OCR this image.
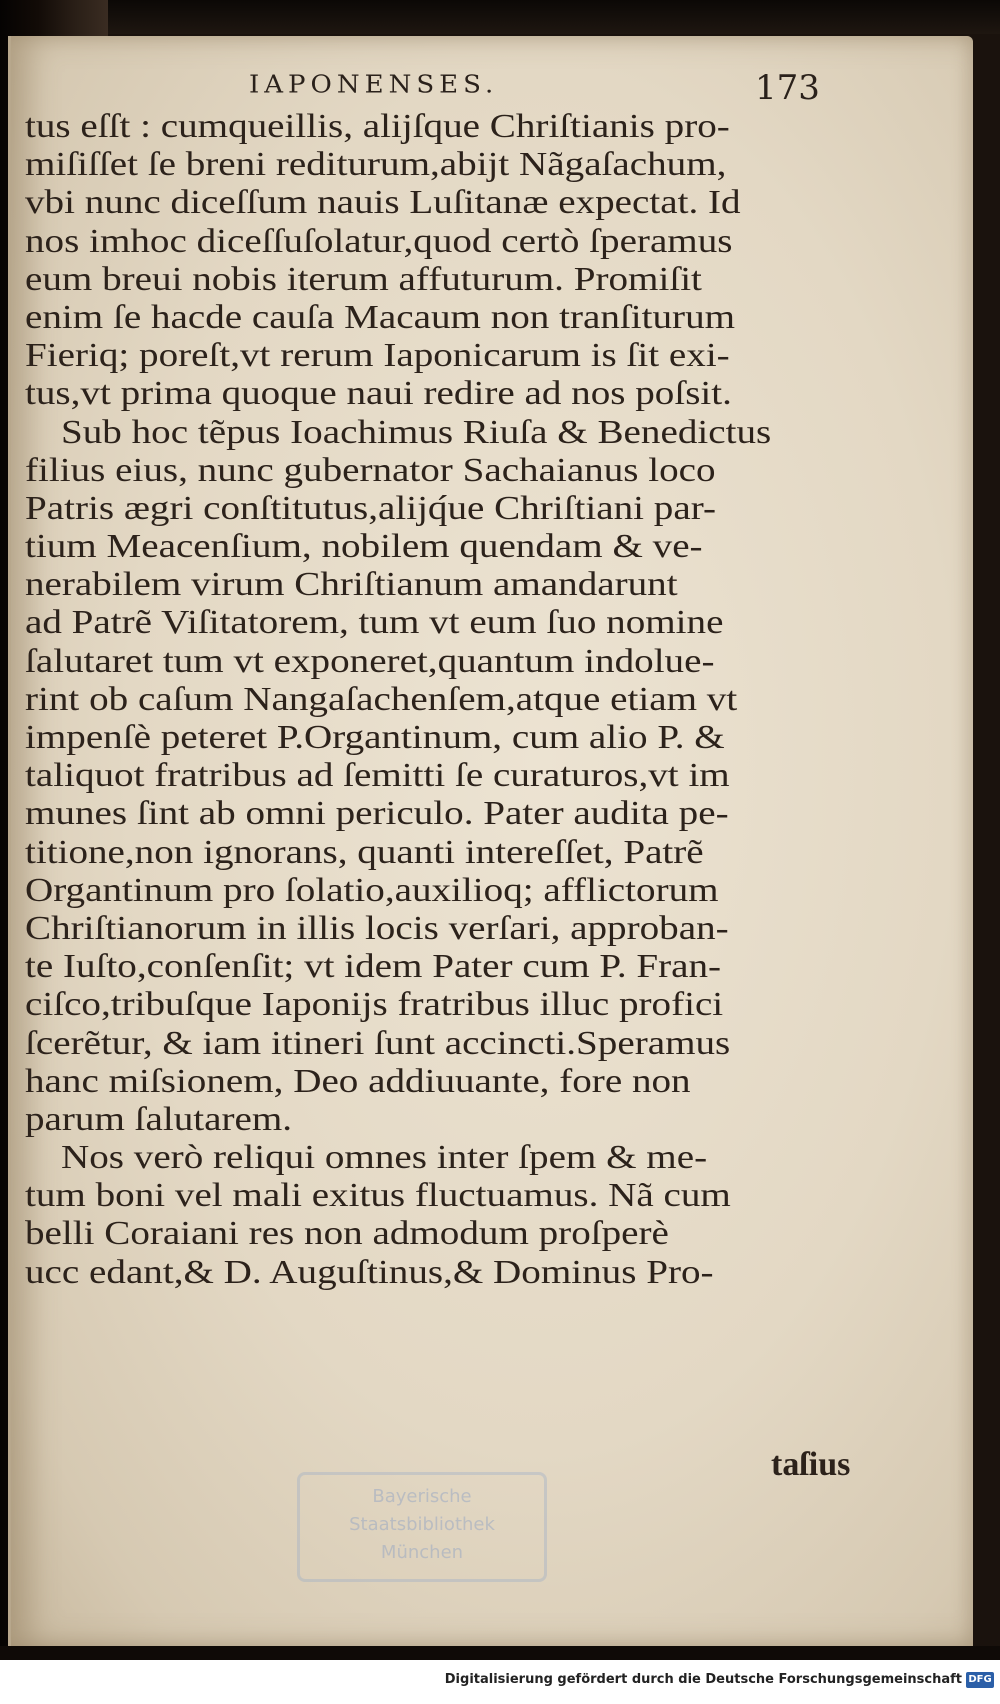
IAPONENSES.	173
tus eſſt : cumqueillis, alijſque Chriſtianis pro-
miſiſſet ſe breni rediturum,abijt Nãgaſachum,
vbi nunc diceſſum nauis Luſitanæ expectat. Id
nos imhoc diceſſuſolatur,quod certò ſperamus
eum breui nobis iterum affuturum. Promiſit
enim ſe hacde cauſa Macaum non tranſiturum
Fieriq; poreſt,vt rerum Iaponicarum is ſit exi-
tus,vt prima quoque naui redire ad nos poſsit.
Sub hoc tẽpus Ioachimus Riuſa & Benedictus
filius eius, nunc gubernator Sachaianus loco
Patris ægri conſtitutus,alijq́ue Chriſtiani par-
tium Meacenſium, nobilem quendam & ve-
nerabilem virum Chriſtianum amandarunt
ad Patrẽ Viſitatorem, tum vt eum ſuo nomine
ſalutaret tum vt exponeret,quantum indolue-
rint ob caſum Nangaſachenſem,atque etiam vt
impenſè peteret P.Organtinum, cum alio P. &
taliquot fratribus ad ſemitti ſe curaturos,vt im
munes ſint ab omni periculo. Pater audita pe-
titione,non ignorans, quanti intereſſet, Patrẽ
Organtinum pro ſolatio,auxilioq; afflictorum
Chriſtianorum in illis locis verſari, approban-
te Iuſto,conſenſit; vt idem Pater cum P. Fran-
ciſco,tribuſque Iaponijs fratribus illuc profici
ſcerẽtur, & iam itineri ſunt accincti.Speramus
hanc miſsionem, Deo addiuuante, fore non
parum ſalutarem.
Nos verò reliqui omnes inter ſpem & me-
tum boni vel mali exitus fluctuamus. Nã cum
belli Coraiani res non admodum proſperè
ucc edant,& D. Auguſtinus,& Dominus Pro-
taſius
Bayerische
Staatsbibliothek
München
Digitalisierung gefördert durch die Deutsche Forschungsgemeinschaft DFG
